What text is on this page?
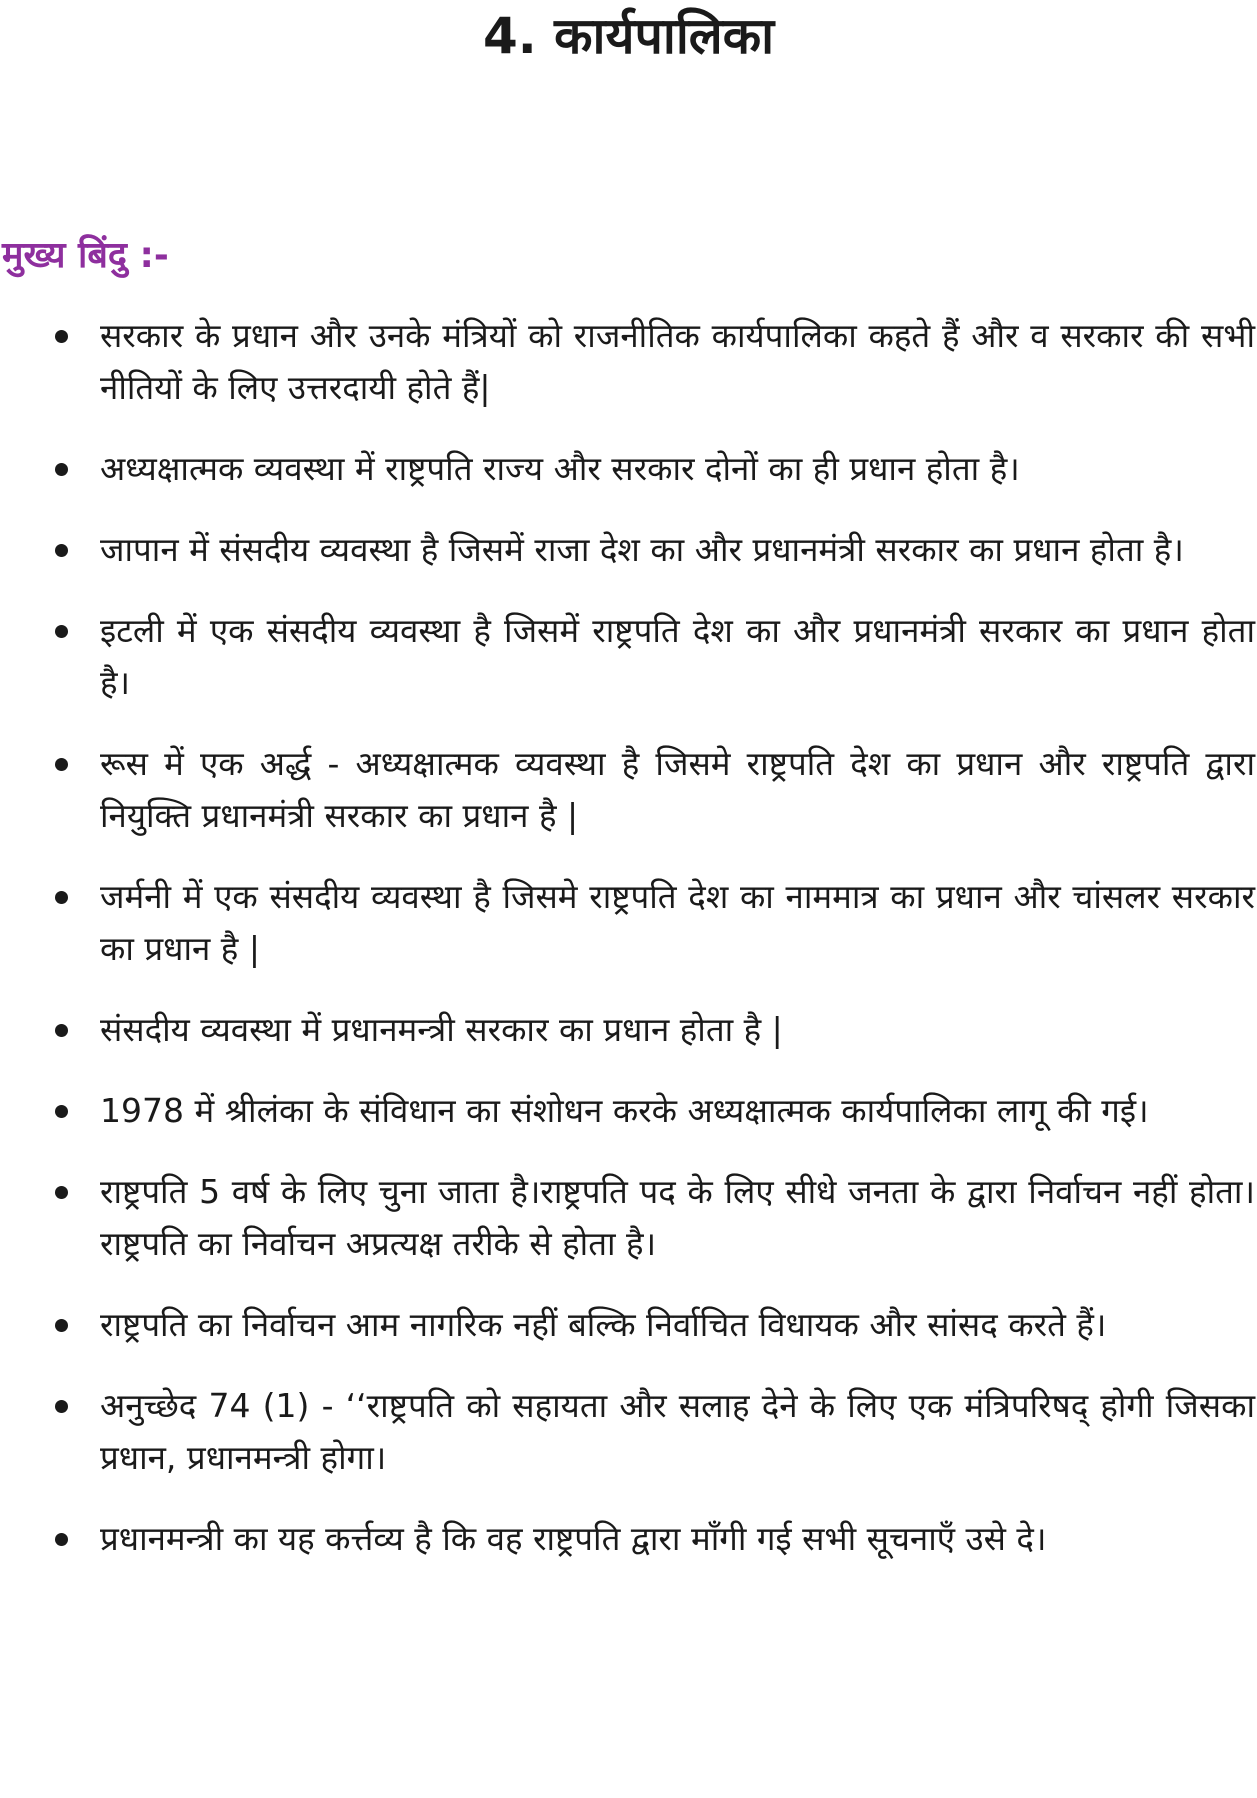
4. कार्यपालिका
मुख्य बिंदु :-
सरकार के प्रधान और उनके मंत्रियों को राजनीतिक कार्यपालिका कहते हैं और व सरकार की सभी नीतियों के लिए उत्तरदायी होते हैं|
अध्यक्षात्मक व्यवस्था में राष्ट्रपति राज्य और सरकार दोनों का ही प्रधान होता है।
जापान में संसदीय व्यवस्था है जिसमें राजा देश का और प्रधानमंत्री सरकार का प्रधान होता है।
इटली में एक संसदीय व्यवस्था है जिसमें राष्ट्रपति देश का और प्रधानमंत्री सरकार का प्रधान होता है।
रूस में एक अर्द्ध - अध्यक्षात्मक व्यवस्था है जिसमे राष्ट्रपति देश का प्रधान और राष्ट्रपति द्वारा नियुक्ति प्रधानमंत्री सरकार का प्रधान है |
जर्मनी में एक संसदीय व्यवस्था है जिसमे राष्ट्रपति देश का नाममात्र का प्रधान और चांसलर सरकार का प्रधान है |
संसदीय व्यवस्था में प्रधानमन्त्री सरकार का प्रधान होता है |
1978 में श्रीलंका के संविधान का संशोधन करके अध्यक्षात्मक कार्यपालिका लागू की गई।
राष्ट्रपति 5 वर्ष के लिए चुना जाता है।राष्ट्रपति पद के लिए सीधे जनता के द्वारा निर्वाचन नहीं होता। राष्ट्रपति का निर्वाचन अप्रत्यक्ष तरीके से होता है।
राष्ट्रपति का निर्वाचन आम नागरिक नहीं बल्कि निर्वाचित विधायक और सांसद करते हैं।
अनुच्छेद 74 (1) - ‘‘राष्ट्रपति को सहायता और सलाह देने के लिए एक मंत्रिपरिषद् होगी जिसका प्रधान, प्रधानमन्त्री होगा।
प्रधानमन्त्री का यह कर्त्तव्य है कि वह राष्ट्रपति द्वारा माँगी गई सभी सूचनाएँ उसे दे।
